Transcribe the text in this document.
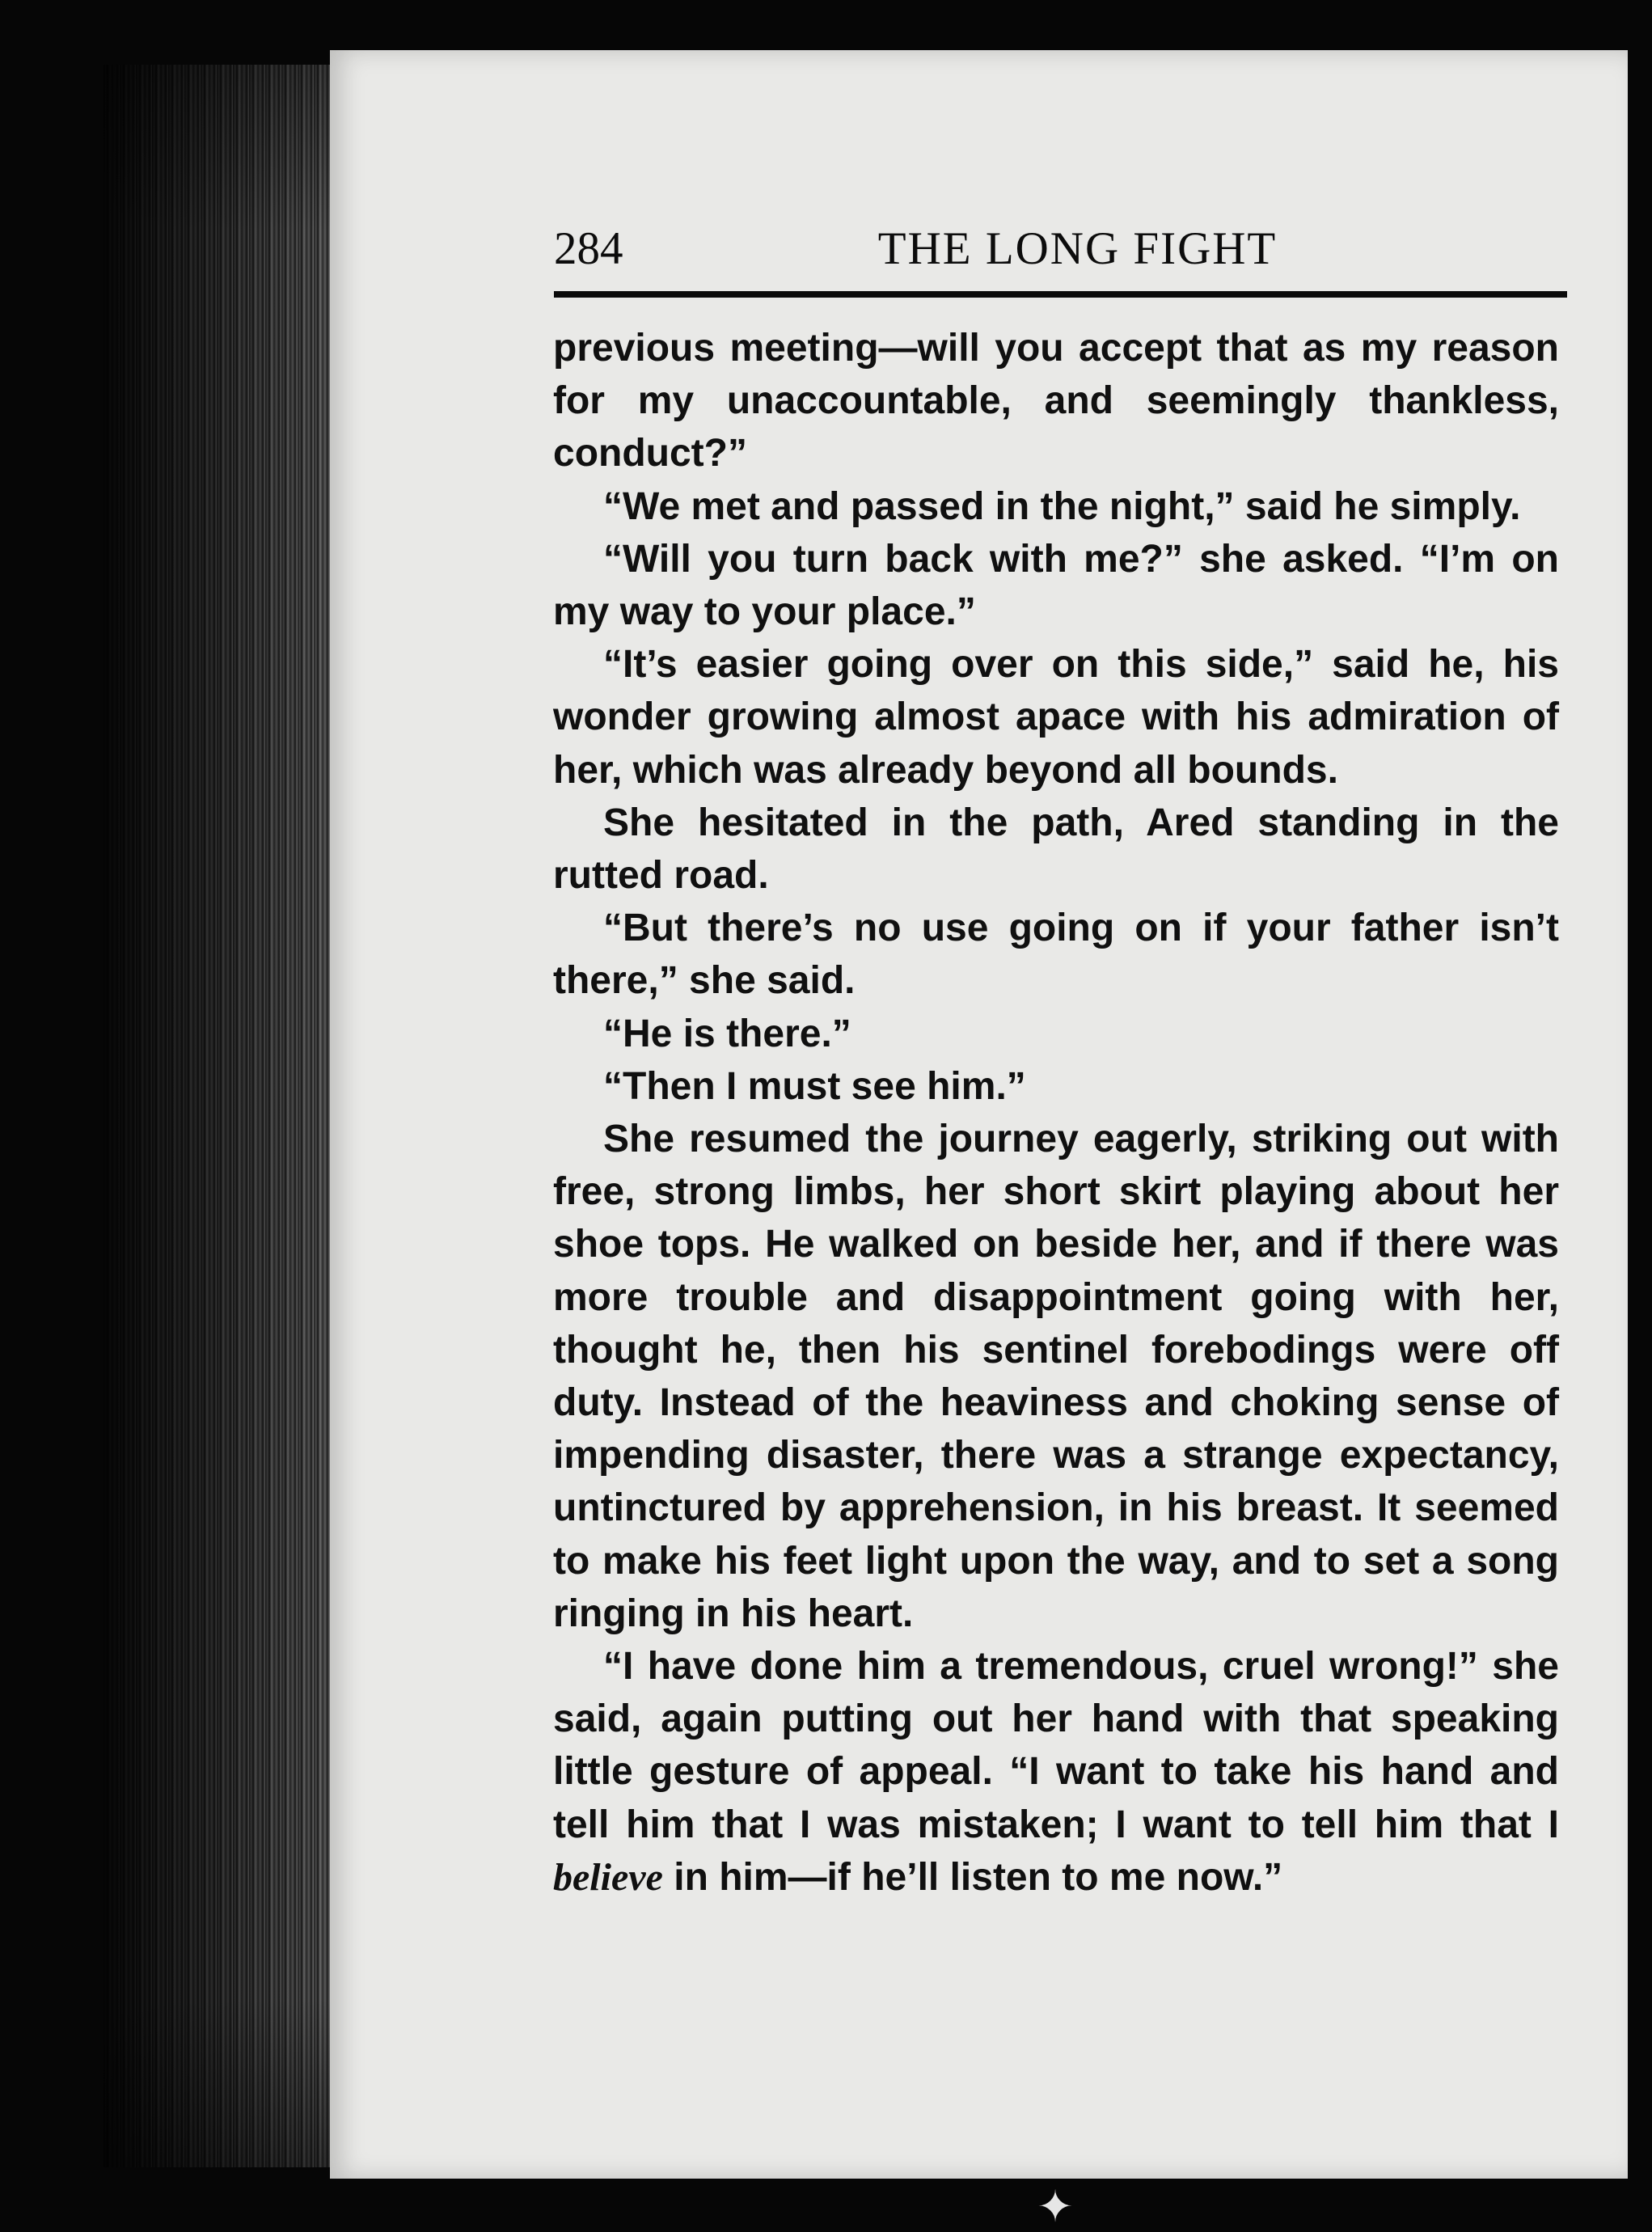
284	THE LONG FIGHT

previous meeting—will you accept that as my reason for my unaccountable, and seemingly thankless, conduct?”

“We met and passed in the night,” said he simply.

“Will you turn back with me?” she asked. “I’m on my way to your place.”

“It’s easier going over on this side,” said he, his wonder growing almost apace with his admiration of her, which was already beyond all bounds.

She hesitated in the path, Ared standing in the rutted road.

“But there’s no use going on if your father isn’t there,” she said.

“He is there.”

“Then I must see him.”

She resumed the journey eagerly, striking out with free, strong limbs, her short skirt playing about her shoe tops. He walked on beside her, and if there was more trouble and disappointment going with her, thought he, then his sentinel forebodings were off duty. Instead of the heaviness and choking sense of impending disaster, there was a strange expectancy, untinctured by apprehension, in his breast. It seemed to make his feet light upon the way, and to set a song ringing in his heart.

“I have done him a tremendous, cruel wrong!” she said, again putting out her hand with that speaking little gesture of appeal. “I want to take his hand and tell him that I was mistaken; I want to tell him that I believe in him—if he’ll listen to me now.”

✦
